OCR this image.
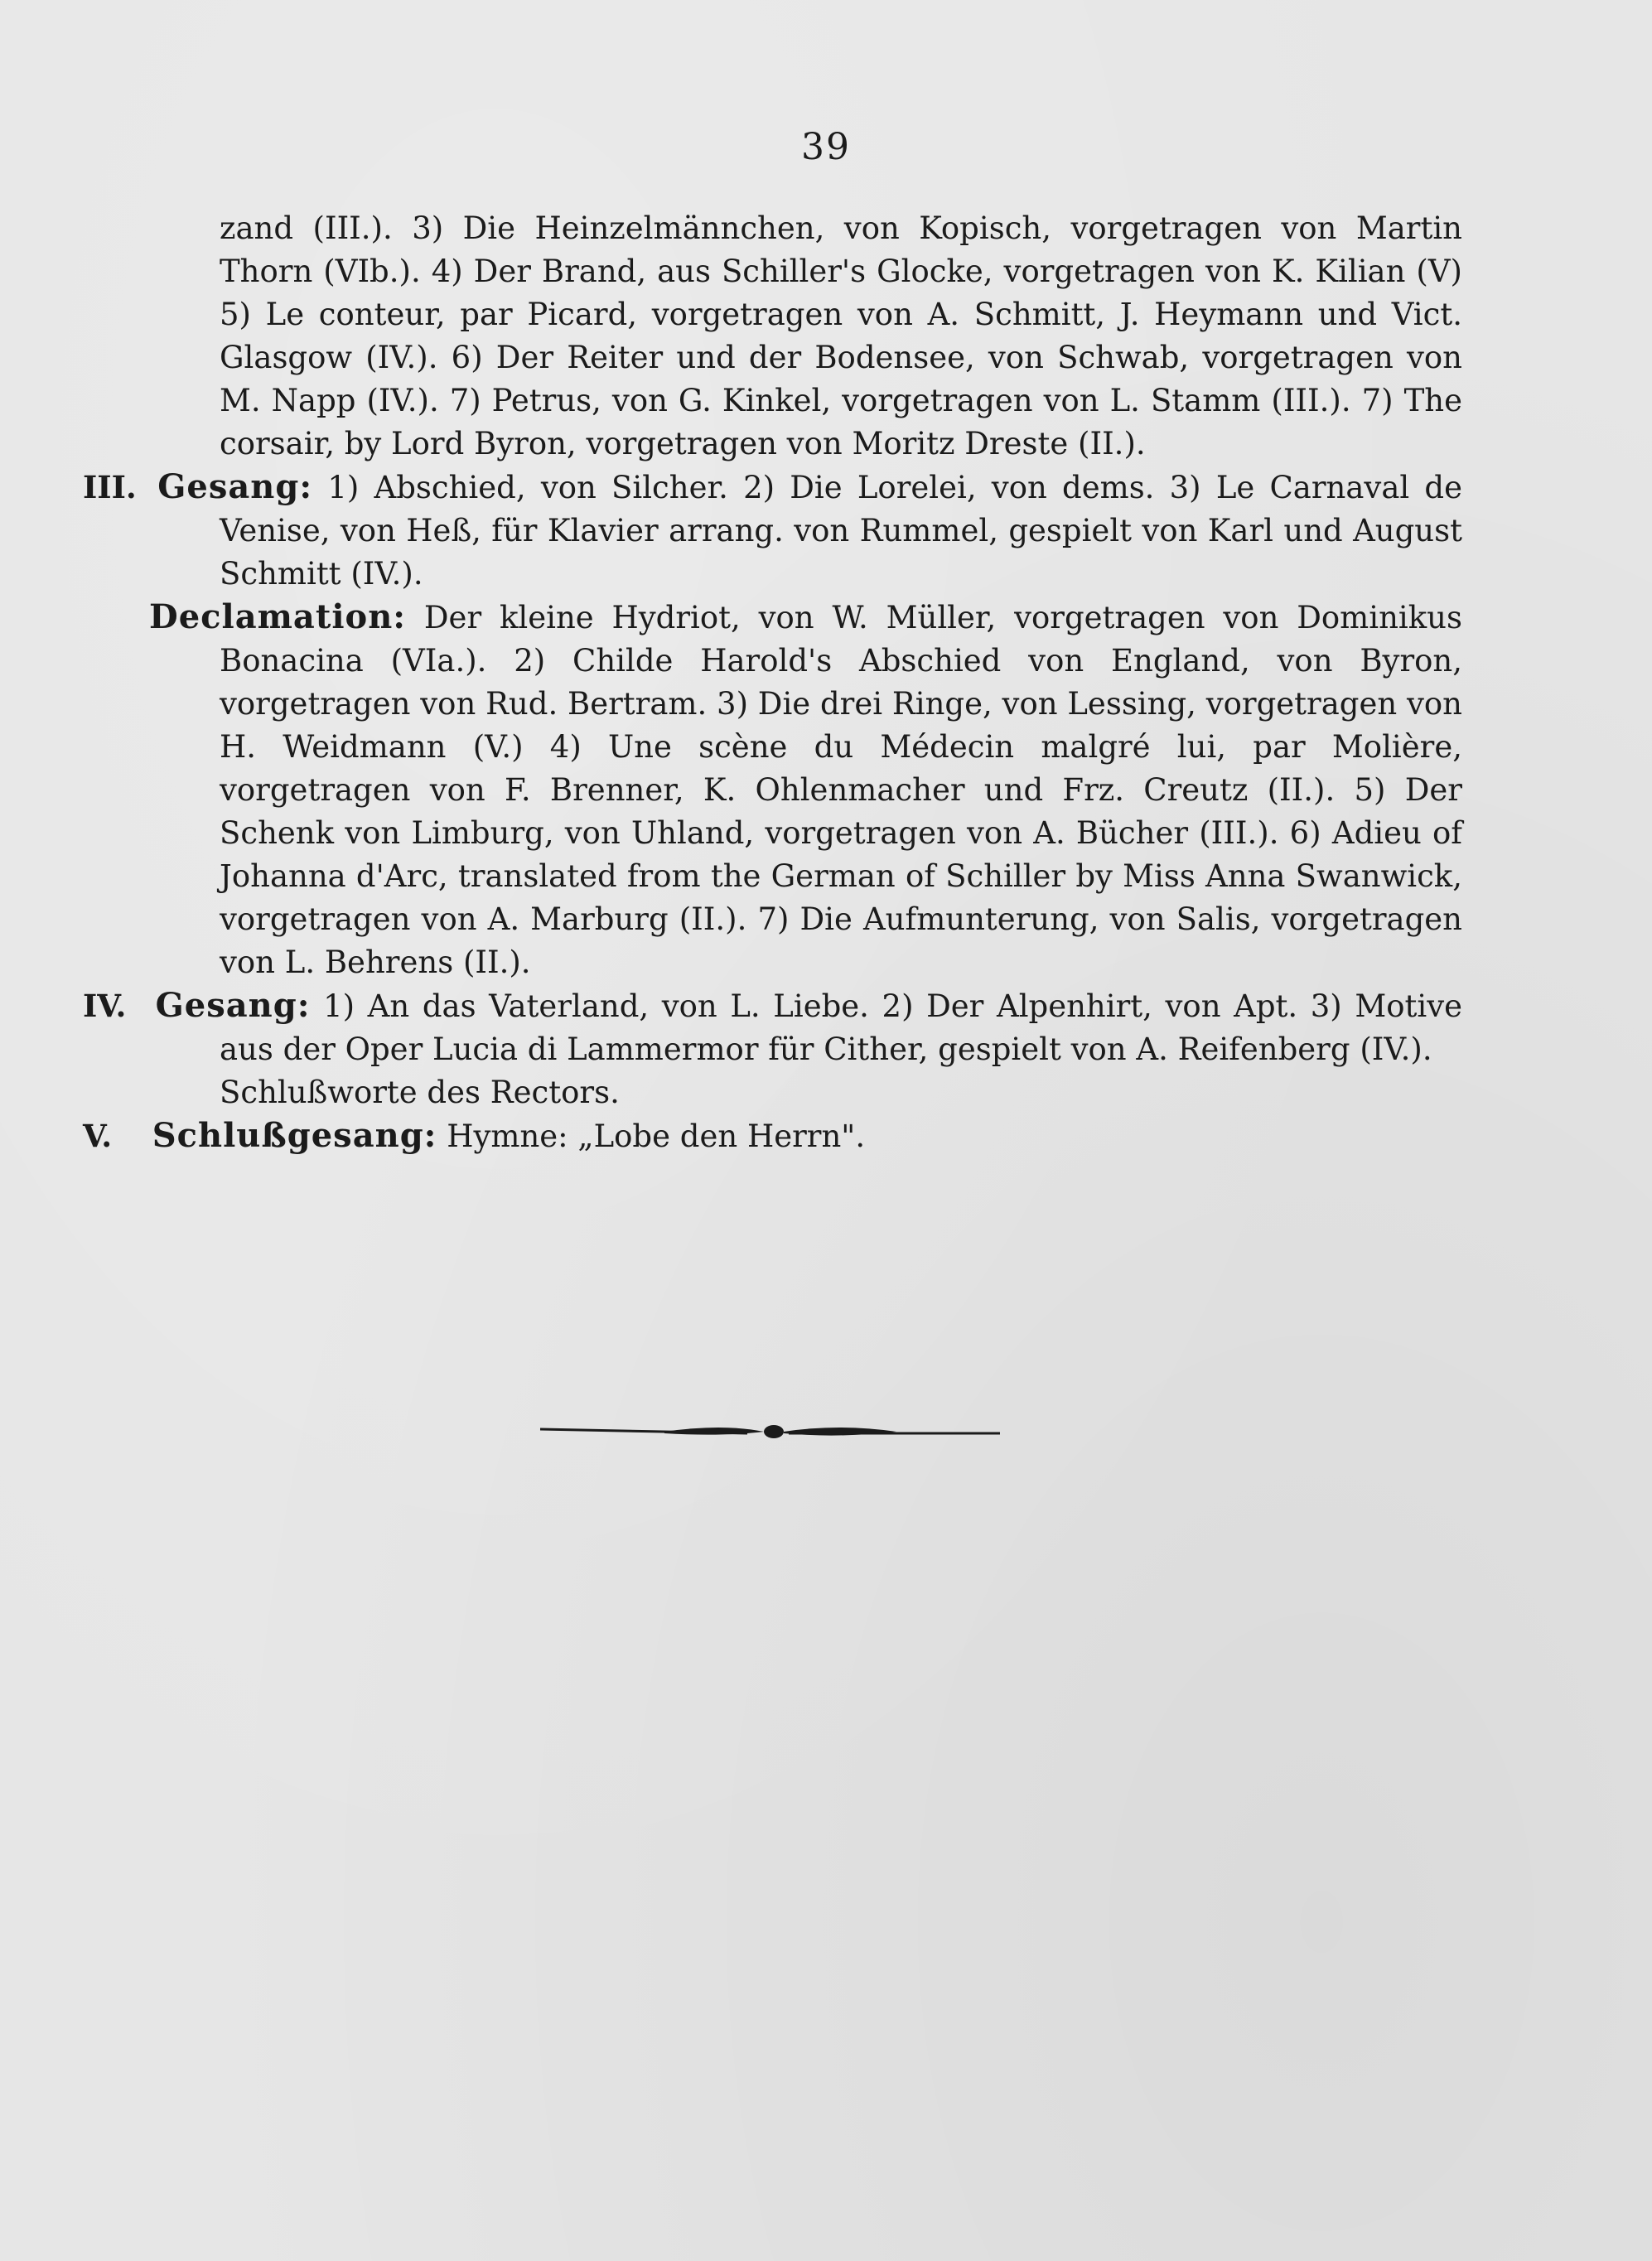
39

zand (III.). 3) Die Heinzelmännchen, von Kopisch, vorgetragen von Martin Thorn (VIb.). 4) Der Brand, aus Schiller's Glocke, vorgetragen von K. Kilian (V) 5) Le conteur, par Picard, vorgetragen von A. Schmitt, J. Heymann und Vict. Glasgow (IV.). 6) Der Reiter und der Bodensee, von Schwab, vorgetragen von M. Napp (IV.). 7) Petrus, von G. Kinkel, vorgetragen von L. Stamm (III.). 7) The corsair, by Lord Byron, vorgetragen von Moritz Dreste (II.).

III. Gesang: 1) Abschied, von Silcher. 2) Die Lorelei, von dems. 3) Le Carnaval de Venise, von Heß, für Klavier arrang. von Rummel, gespielt von Karl und August Schmitt (IV.).

Declamation: Der kleine Hydriot, von W. Müller, vorgetragen von Dominikus Bonacina (VIa.). 2) Childe Harold's Abschied von England, von Byron, vorgetragen von Rud. Bertram. 3) Die drei Ringe, von Lessing, vorgetragen von H. Weidmann (V.) 4) Une scène du Médecin malgré lui, par Molière, vorgetragen von F. Brenner, K. Ohlenmacher und Frz. Creutz (II.). 5) Der Schenk von Limburg, von Uhland, vorgetragen von A. Bücher (III.). 6) Adieu of Johanna d'Arc, translated from the German of Schiller by Miss Anna Swanwick, vorgetragen von A. Marburg (II.). 7) Die Aufmunterung, von Salis, vorgetragen von L. Behrens (II.).

IV. Gesang: 1) An das Vaterland, von L. Liebe. 2) Der Alpenhirt, von Apt. 3) Motive aus der Oper Lucia di Lammermor für Cither, gespielt von A. Reifenberg (IV.).

Schlußworte des Rectors.

V. Schlußgesang: Hymne: „Lobe den Herrn".
